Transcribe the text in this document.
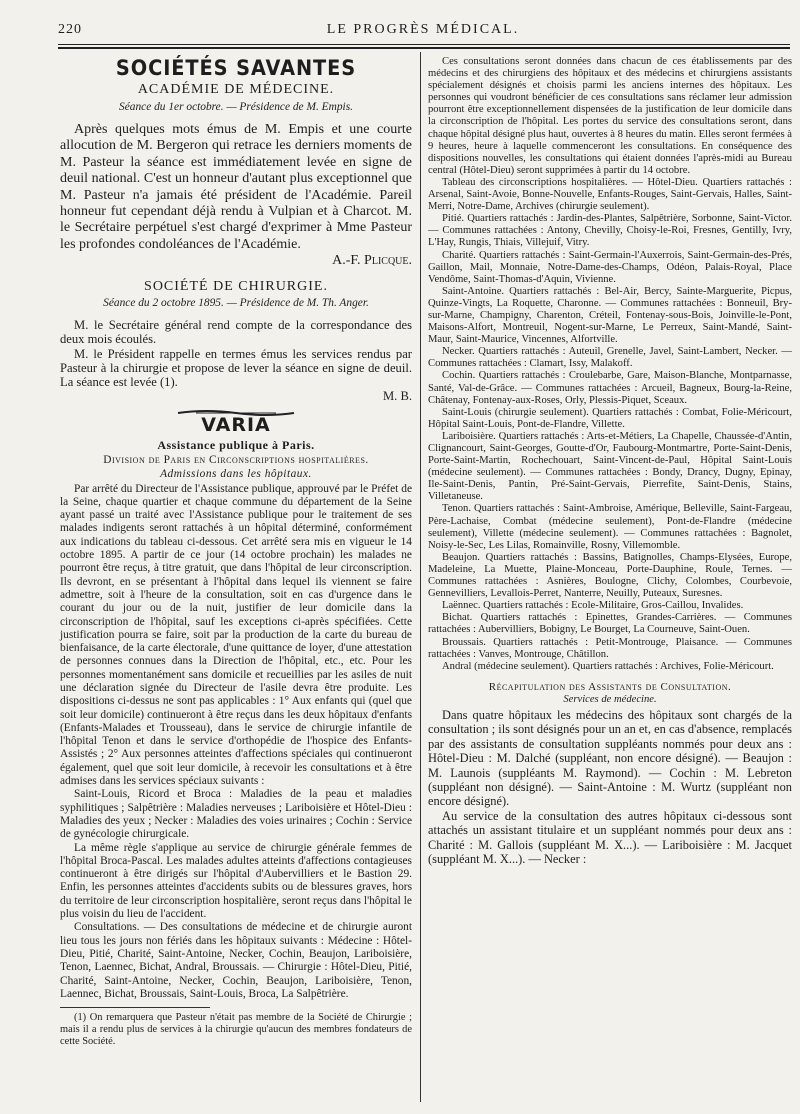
220	LE PROGRÈS MÉDICAL.
SOCIÉTÉS SAVANTES
ACADÉMIE DE MÉDECINE.
Séance du 1er octobre. — Présidence de M. Empis.

Après quelques mots émus de M. Empis et une courte allocution de M. Bergeron qui retrace les derniers moments de M. Pasteur la séance est immédiatement levée en signe de deuil national. C'est un honneur d'autant plus exceptionnel que M. Pasteur n'a jamais été président de l'Académie. Pareil honneur fut cependant déjà rendu à Vulpian et à Charcot. M. le Secrétaire perpétuel s'est chargé d'exprimer à Mme Pasteur les profondes condoléances de l'Académie.

A.-F. Plicque.
SOCIÉTÉ DE CHIRURGIE.
Séance du 2 octobre 1895. — Présidence de M. Th. Anger.

M. le Secrétaire général rend compte de la correspondance des deux mois écoulés.

M. le Président rappelle en termes émus les services rendus par Pasteur à la chirurgie et propose de lever la séance en signe de deuil. La séance est levée (1).

M. B.
VARIA
Assistance publique à Paris.
Division de Paris en Circonscriptions hospitalières.
Admissions dans les hôpitaux.

Par arrêté du Directeur de l'Assistance publique, approuvé par le Préfet de la Seine, chaque quartier et chaque commune du département de la Seine ayant passé un traité avec l'Assistance publique pour le traitement de ses malades indigents seront rattachés à un hôpital déterminé, conformément aux indications du tableau ci-dessous. Cet arrêté sera mis en vigueur le 14 octobre 1895. A partir de ce jour (14 octobre prochain) les malades ne pourront être reçus, à titre gratuit, que dans l'hôpital de leur circonscription. Ils devront, en se présentant à l'hôpital dans lequel ils viennent se faire admettre, soit à l'heure de la consultation, soit en cas d'urgence dans le courant du jour ou de la nuit, justifier de leur domicile dans la circonscription de l'hôpital, sauf les exceptions ci-après spécifiées. Cette justification pourra se faire, soit par la production de la carte du bureau de bienfaisance, de la carte électorale, d'une quittance de loyer, d'une attestation de personnes connues dans la Direction de l'hôpital, etc., etc. Pour les personnes momentanément sans domicile et recueillies par les asiles de nuit une déclaration signée du Directeur de l'asile devra être produite. Les dispositions ci-dessus ne sont pas applicables : 1° Aux enfants qui (quel que soit leur domicile) continueront à être reçus dans les deux hôpitaux d'enfants (Enfants-Malades et Trousseau), dans le service de chirurgie infantile de l'hôpital Tenon et dans le service d'orthopédie de l'hospice des Enfants-Assistés ; 2° Aux personnes atteintes d'affections spéciales qui continueront également, quel que soit leur domicile, à recevoir les consultations et à être admises dans les services spéciaux suivants :

Saint-Louis, Ricord et Broca : Maladies de la peau et maladies syphilitiques ; Salpêtrière : Maladies nerveuses ; Lariboisière et Hôtel-Dieu : Maladies des yeux ; Necker : Maladies des voies urinaires ; Cochin : Service de gynécologie chirurgicale.

La même règle s'applique au service de chirurgie générale femmes de l'hôpital Broca-Pascal. Les malades adultes atteints d'affections contagieuses continueront à être dirigés sur l'hôpital d'Aubervilliers et le Bastion 29. Enfin, les personnes atteintes d'accidents subits ou de blessures graves, hors du territoire de leur circonscription hospitalière, seront reçus dans l'hôpital le plus voisin du lieu de l'accident.

Consultations. — Des consultations de médecine et de chirurgie auront lieu tous les jours non fériés dans les hôpitaux suivants : Médecine : Hôtel-Dieu, Pitié, Charité, Saint-Antoine, Necker, Cochin, Beaujon, Lariboisière, Tenon, Laennec, Bichat, Andral, Broussais. — Chirurgie : Hôtel-Dieu, Pitié, Charité, Saint-Antoine, Necker, Cochin, Beaujon, Lariboisière, Tenon, Laennec, Bichat, Broussais, Saint-Louis, Broca, La Salpêtrière.

(1) On remarquera que Pasteur n'était pas membre de la Société de Chirurgie ; mais il a rendu plus de services à la chirurgie qu'aucun des membres fondateurs de cette Société.

Ces consultations seront données dans chacun de ces établissements par des médecins et des chirurgiens des hôpitaux et des médecins et chirurgiens assistants spécialement désignés et choisis parmi les anciens internes des hôpitaux. Les personnes qui voudront bénéficier de ces consultations sans réclamer leur admission pourront être exceptionnellement dispensées de la justification de leur domicile dans la circonscription de l'hôpital. Les portes du service des consultations seront, dans chaque hôpital désigné plus haut, ouvertes à 8 heures du matin. Elles seront fermées à 9 heures, heure à laquelle commenceront les consultations. En conséquence des dispositions nouvelles, les consultations qui étaient données l'après-midi au Bureau central (Hôtel-Dieu) seront supprimées à partir du 14 octobre.

Tableau des circonscriptions hospitalières. — Hôtel-Dieu. Quartiers rattachés : Arsenal, Saint-Avoie, Bonne-Nouvelle, Enfants-Rouges, Saint-Gervais, Halles, Saint-Merri, Notre-Dame, Archives (chirurgie seulement).

Pitié. Quartiers rattachés : Jardin-des-Plantes, Salpêtrière, Sorbonne, Saint-Victor. — Communes rattachées : Antony, Chevilly, Choisy-le-Roi, Fresnes, Gentilly, Ivry, L'Hay, Rungis, Thiais, Villejuif, Vitry.

Charité. Quartiers rattachés : Saint-Germain-l'Auxerrois, Saint-Germain-des-Prés, Gaillon, Mail, Monnaie, Notre-Dame-des-Champs, Odéon, Palais-Royal, Place Vendôme, Saint-Thomas-d'Aquin, Vivienne.

Saint-Antoine. Quartiers rattachés : Bel-Air, Bercy, Sainte-Marguerite, Picpus, Quinze-Vingts, La Roquette, Charonne. — Communes rattachées : Bonneuil, Bry-sur-Marne, Champigny, Charenton, Créteil, Fontenay-sous-Bois, Joinville-le-Pont, Maisons-Alfort, Montreuil, Nogent-sur-Marne, Le Perreux, Saint-Mandé, Saint-Maur, Saint-Maurice, Vincennes, Alfortville.

Necker. Quartiers rattachés : Auteuil, Grenelle, Javel, Saint-Lambert, Necker. — Communes rattachées : Clamart, Issy, Malakoff.

Cochin. Quartiers rattachés : Croulebarbe, Gare, Maison-Blanche, Montparnasse, Santé, Val-de-Grâce. — Communes rattachées : Arcueil, Bagneux, Bourg-la-Reine, Châtenay, Fontenay-aux-Roses, Orly, Plessis-Piquet, Sceaux.

Saint-Louis (chirurgie seulement). Quartiers rattachés : Combat, Folie-Méricourt, Hôpital Saint-Louis, Pont-de-Flandre, Villette.

Lariboisière. Quartiers rattachés : Arts-et-Métiers, La Chapelle, Chaussée-d'Antin, Clignancourt, Saint-Georges, Goutte-d'Or, Faubourg-Montmartre, Porte-Saint-Denis, Porte-Saint-Martin, Rochechouart, Saint-Vincent-de-Paul, Hôpital Saint-Louis (médecine seulement). — Communes rattachées : Bondy, Drancy, Dugny, Epinay, Ile-Saint-Denis, Pantin, Pré-Saint-Gervais, Pierrefite, Saint-Denis, Stains, Villetaneuse.

Tenon. Quartiers rattachés : Saint-Ambroise, Amérique, Belleville, Saint-Fargeau, Père-Lachaise, Combat (médecine seulement), Pont-de-Flandre (médecine seulement), Villette (médecine seulement). — Communes rattachées : Bagnolet, Noisy-le-Sec, Les Lilas, Romainville, Rosny, Villemomble.

Beaujon. Quartiers rattachés : Bassins, Batignolles, Champs-Elysées, Europe, Madeleine, La Muette, Plaine-Monceau, Porte-Dauphine, Roule, Ternes. — Communes rattachées : Asnières, Boulogne, Clichy, Colombes, Courbevoie, Gennevilliers, Levallois-Perret, Nanterre, Neuilly, Puteaux, Suresnes.

Laënnec. Quartiers rattachés : Ecole-Militaire, Gros-Caillou, Invalides.

Bichat. Quartiers rattachés : Epinettes, Grandes-Carrières. — Communes rattachées : Aubervilliers, Bobigny, Le Bourget, La Courneuve, Saint-Ouen.

Broussais. Quartiers rattachés : Petit-Montrouge, Plaisance. — Communes rattachées : Vanves, Montrouge, Châtillon.

Andral (médecine seulement). Quartiers rattachés : Archives, Folie-Méricourt.

Récapitulation des Assistants de Consultation.
Services de médecine.

Dans quatre hôpitaux les médecins des hôpitaux sont chargés de la consultation ; ils sont désignés pour un an et, en cas d'absence, remplacés par des assistants de consultation suppléants nommés pour deux ans : Hôtel-Dieu : M. Dalché (suppléant, non encore désigné). — Beaujon : M. Launois (suppléants M. Raymond). — Cochin : M. Lebreton (suppléant non désigné). — Saint-Antoine : M. Wurtz (suppléant non encore désigné).

Au service de la consultation des autres hôpitaux ci-dessous sont attachés un assistant titulaire et un suppléant nommés pour deux ans : Charité : M. Gallois (suppléant M. X...). — Lariboisière : M. Jacquet (suppléant M. X...). — Necker :
